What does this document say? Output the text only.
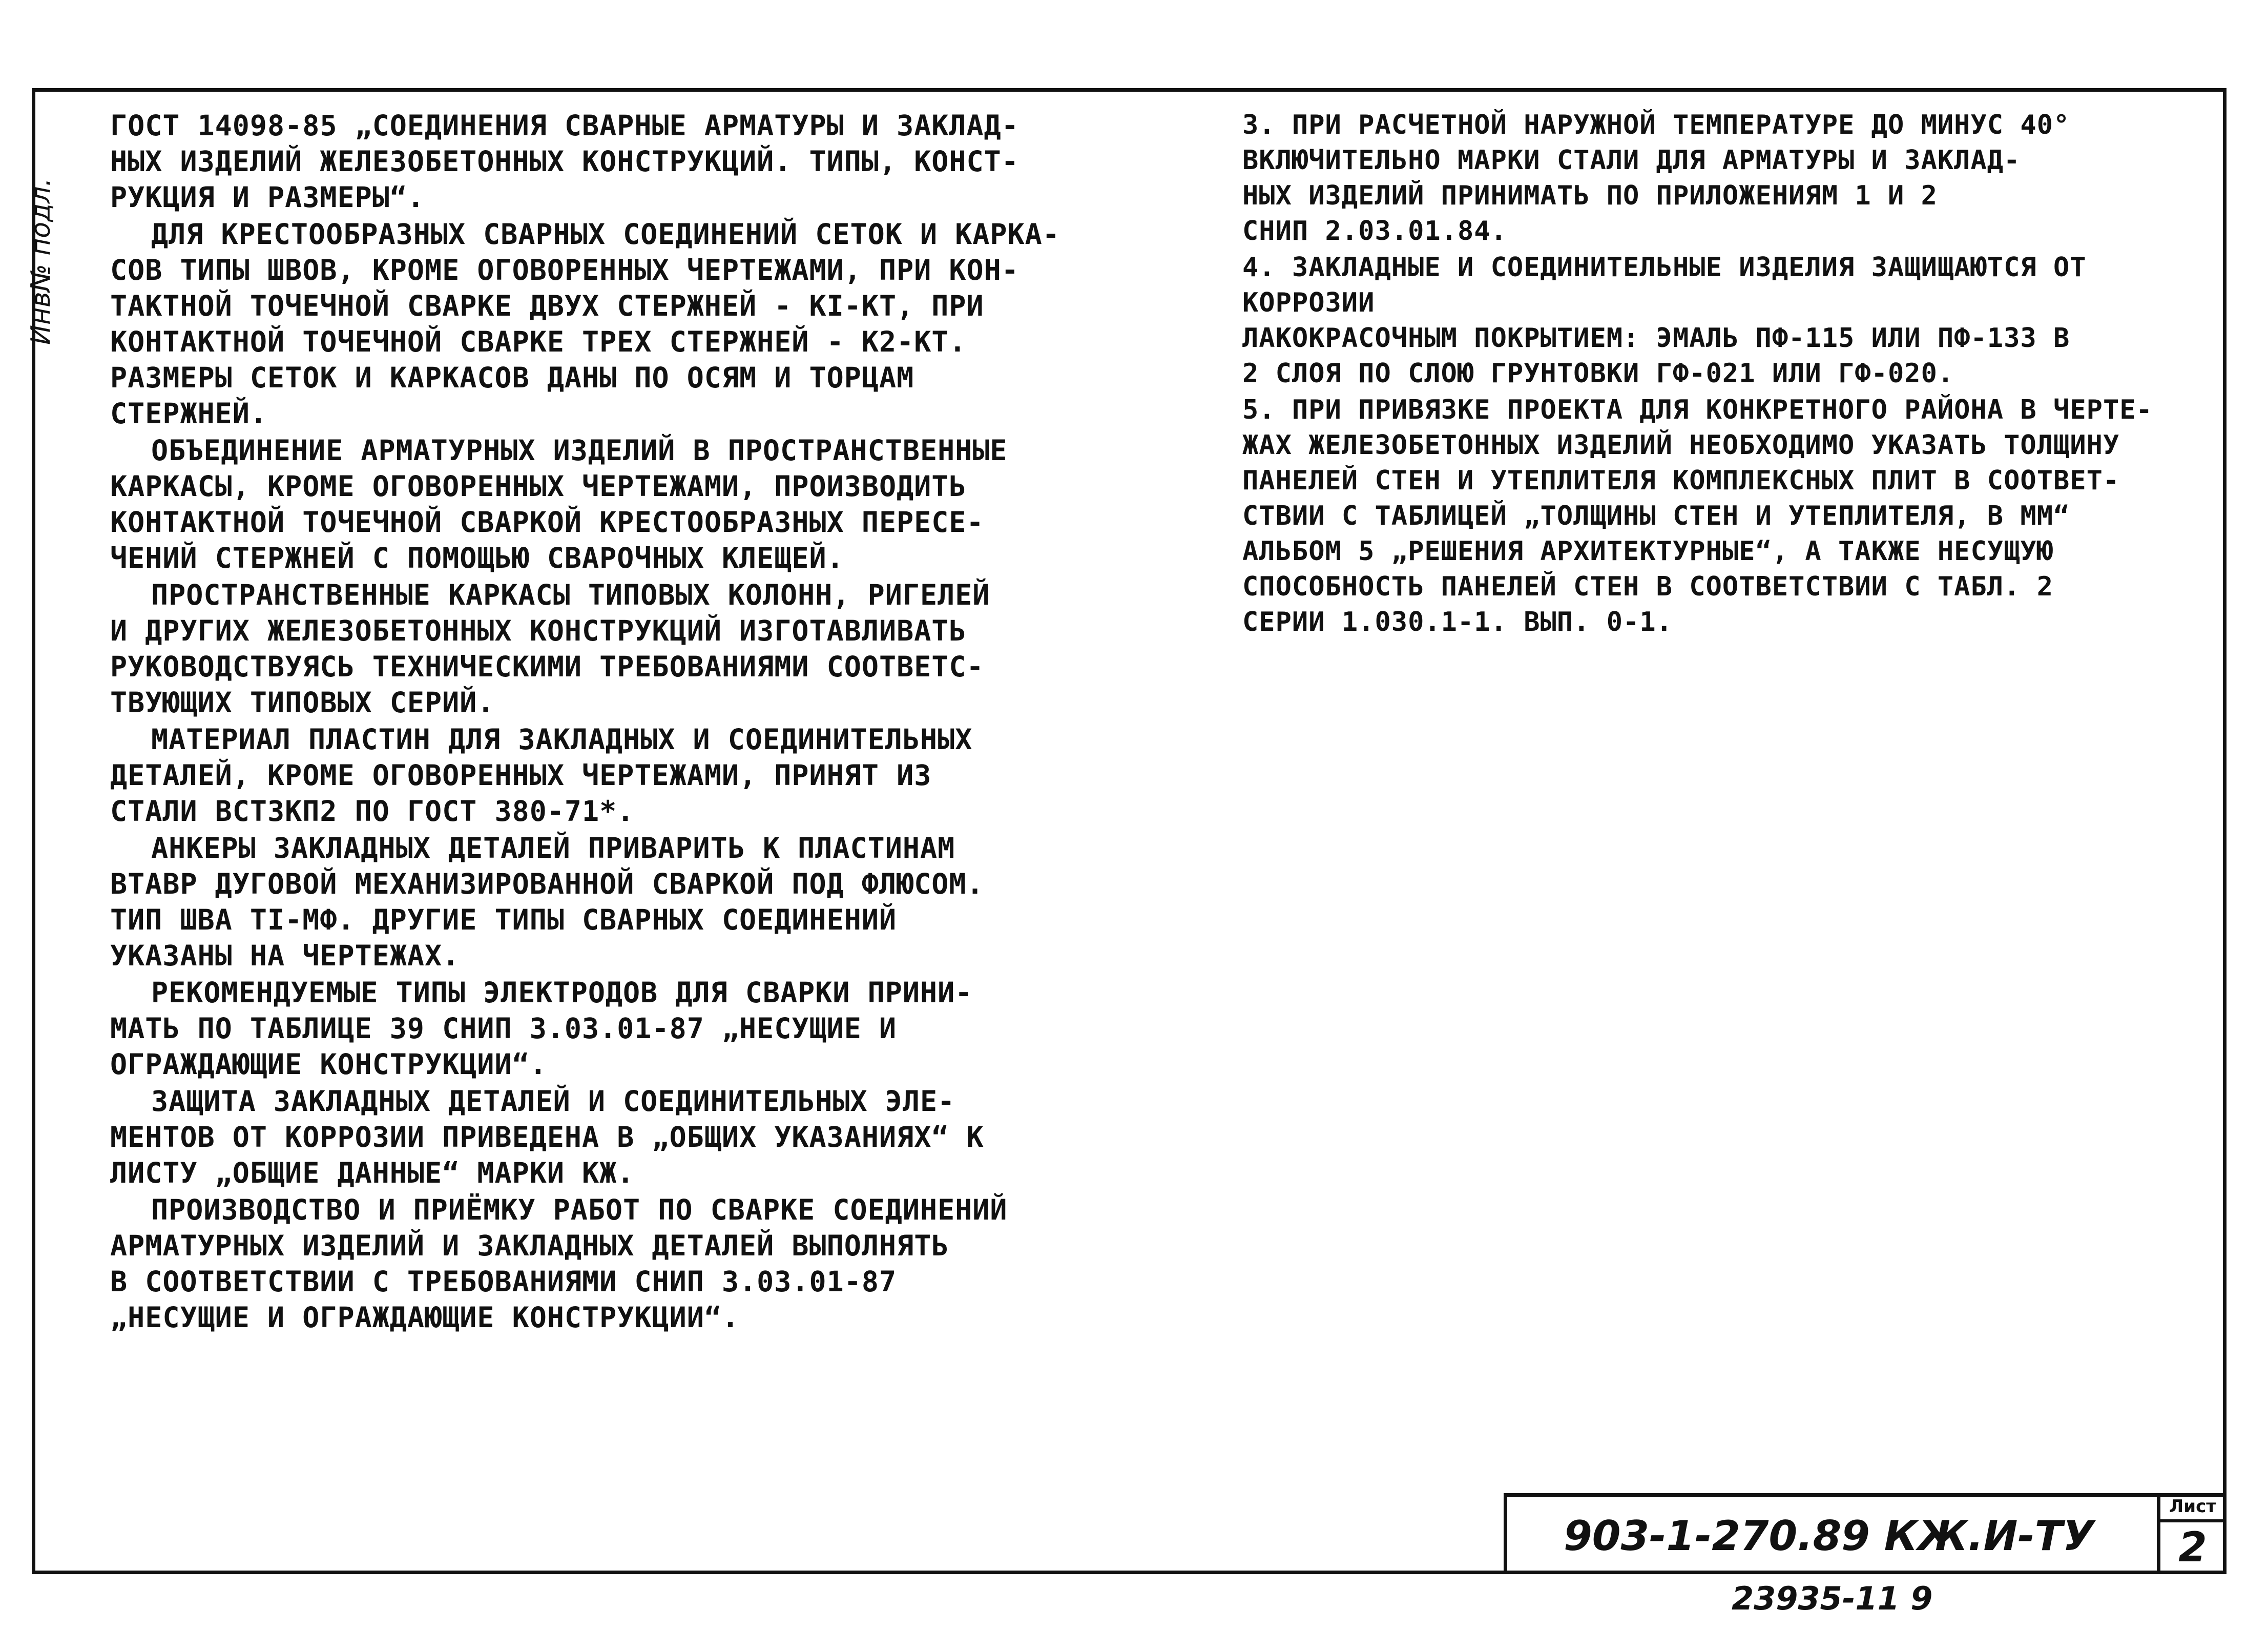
Инв№ подл.

ГОСТ 14098-85 „СОЕДИНЕНИЯ СВАРНЫЕ АРМАТУРЫ И ЗАКЛАД-
НЫХ ИЗДЕЛИЙ ЖЕЛЕЗОБЕТОННЫХ КОНСТРУКЦИЙ. ТИПЫ, КОНСТ-
РУКЦИЯ И РАЗМЕРЫ“.

ДЛЯ КРЕСТООБРАЗНЫХ СВАРНЫХ СОЕДИНЕНИЙ СЕТОК И КАРКА-
СОВ ТИПЫ ШВОВ, КРОМЕ ОГОВОРЕННЫХ ЧЕРТЕЖАМИ, ПРИ КОН-
ТАКТНОЙ ТОЧЕЧНОЙ СВАРКЕ ДВУХ СТЕРЖНЕЙ - КI-КТ, ПРИ
КОНТАКТНОЙ ТОЧЕЧНОЙ СВАРКЕ ТРЕХ СТЕРЖНЕЙ - К2-КТ.
РАЗМЕРЫ СЕТОК И КАРКАСОВ ДАНЫ ПО ОСЯМ И ТОРЦАМ
СТЕРЖНЕЙ.

ОБЪЕДИНЕНИЕ АРМАТУРНЫХ ИЗДЕЛИЙ В ПРОСТРАНСТВЕННЫЕ
КАРКАСЫ, КРОМЕ ОГОВОРЕННЫХ ЧЕРТЕЖАМИ, ПРОИЗВОДИТЬ
КОНТАКТНОЙ ТОЧЕЧНОЙ СВАРКОЙ КРЕСТООБРАЗНЫХ ПЕРЕСЕ-
ЧЕНИЙ СТЕРЖНЕЙ С ПОМОЩЬЮ СВАРОЧНЫХ КЛЕЩЕЙ.

ПРОСТРАНСТВЕННЫЕ КАРКАСЫ ТИПОВЫХ КОЛОНН, РИГЕЛЕЙ
И ДРУГИХ ЖЕЛЕЗОБЕТОННЫХ КОНСТРУКЦИЙ ИЗГОТАВЛИВАТЬ
РУКОВОДСТВУЯСЬ ТЕХНИЧЕСКИМИ ТРЕБОВАНИЯМИ СООТВЕТС-
ТВУЮЩИХ ТИПОВЫХ СЕРИЙ.

МАТЕРИАЛ ПЛАСТИН ДЛЯ ЗАКЛАДНЫХ И СОЕДИНИТЕЛЬНЫХ
ДЕТАЛЕЙ, КРОМЕ ОГОВОРЕННЫХ ЧЕРТЕЖАМИ, ПРИНЯТ ИЗ
СТАЛИ ВСТ3КП2 ПО ГОСТ 380-71*.

АНКЕРЫ ЗАКЛАДНЫХ ДЕТАЛЕЙ ПРИВАРИТЬ К ПЛАСТИНАМ
ВТАВР ДУГОВОЙ МЕХАНИЗИРОВАННОЙ СВАРКОЙ ПОД ФЛЮСОМ.
ТИП ШВА TI-МФ. ДРУГИЕ ТИПЫ СВАРНЫХ СОЕДИНЕНИЙ
УКАЗАНЫ НА ЧЕРТЕЖАХ.

РЕКОМЕНДУЕМЫЕ ТИПЫ ЭЛЕКТРОДОВ ДЛЯ СВАРКИ ПРИНИ-
МАТЬ ПО ТАБЛИЦЕ 39 СНИП 3.03.01-87 „НЕСУЩИЕ И
ОГРАЖДАЮЩИЕ КОНСТРУКЦИИ“.

ЗАЩИТА ЗАКЛАДНЫХ ДЕТАЛЕЙ И СОЕДИНИТЕЛЬНЫХ ЭЛЕ-
МЕНТОВ ОТ КОРРОЗИИ ПРИВЕДЕНА В „ОБЩИХ УКАЗАНИЯХ“ К
ЛИСТУ „ОБЩИЕ ДАННЫЕ“ МАРКИ КЖ.

ПРОИЗВОДСТВО И ПРИЁМКУ РАБОТ ПО СВАРКЕ СОЕДИНЕНИЙ
АРМАТУРНЫХ ИЗДЕЛИЙ И ЗАКЛАДНЫХ ДЕТАЛЕЙ ВЫПОЛНЯТЬ
В СООТВЕТСТВИИ С ТРЕБОВАНИЯМИ СНИП 3.03.01-87
„НЕСУЩИЕ И ОГРАЖДАЮЩИЕ КОНСТРУКЦИИ“.

3. ПРИ РАСЧЕТНОЙ НАРУЖНОЙ ТЕМПЕРАТУРЕ ДО МИНУС 40°
ВКЛЮЧИТЕЛЬНО МАРКИ СТАЛИ ДЛЯ АРМАТУРЫ И ЗАКЛАД-
НЫХ ИЗДЕЛИЙ ПРИНИМАТЬ ПО ПРИЛОЖЕНИЯМ 1 И 2
СНИП 2.03.01.84.

4. ЗАКЛАДНЫЕ И СОЕДИНИТЕЛЬНЫЕ ИЗДЕЛИЯ ЗАЩИЩАЮТСЯ ОТ КОРРОЗИИ
ЛАКОКРАСОЧНЫМ ПОКРЫТИЕМ: ЭМАЛЬ ПФ-115 ИЛИ ПФ-133 В
2 СЛОЯ ПО СЛОЮ ГРУНТОВКИ ГФ-021 ИЛИ ГФ-020.

5. ПРИ ПРИВЯЗКЕ ПРОЕКТА ДЛЯ КОНКРЕТНОГО РАЙОНА В ЧЕРТЕ-
ЖАХ ЖЕЛЕЗОБЕТОННЫХ ИЗДЕЛИЙ НЕОБХОДИМО УКАЗАТЬ ТОЛЩИНУ
ПАНЕЛЕЙ СТЕН И УТЕПЛИТЕЛЯ КОМПЛЕКСНЫХ ПЛИТ В СООТВЕТ-
СТВИИ С ТАБЛИЦЕЙ „ТОЛЩИНЫ СТЕН И УТЕПЛИТЕЛЯ, В ММ“
АЛЬБОМ 5 „РЕШЕНИЯ АРХИТЕКТУРНЫЕ“, А ТАКЖЕ НЕСУЩУЮ
СПОСОБНОСТЬ ПАНЕЛЕЙ СТЕН В СООТВЕТСТВИИ С ТАБЛ. 2
СЕРИИ 1.030.1-1. ВЫП. 0-1.

903-1-270.89 КЖ.И-ТУ
Лист
2
23935-11 9
